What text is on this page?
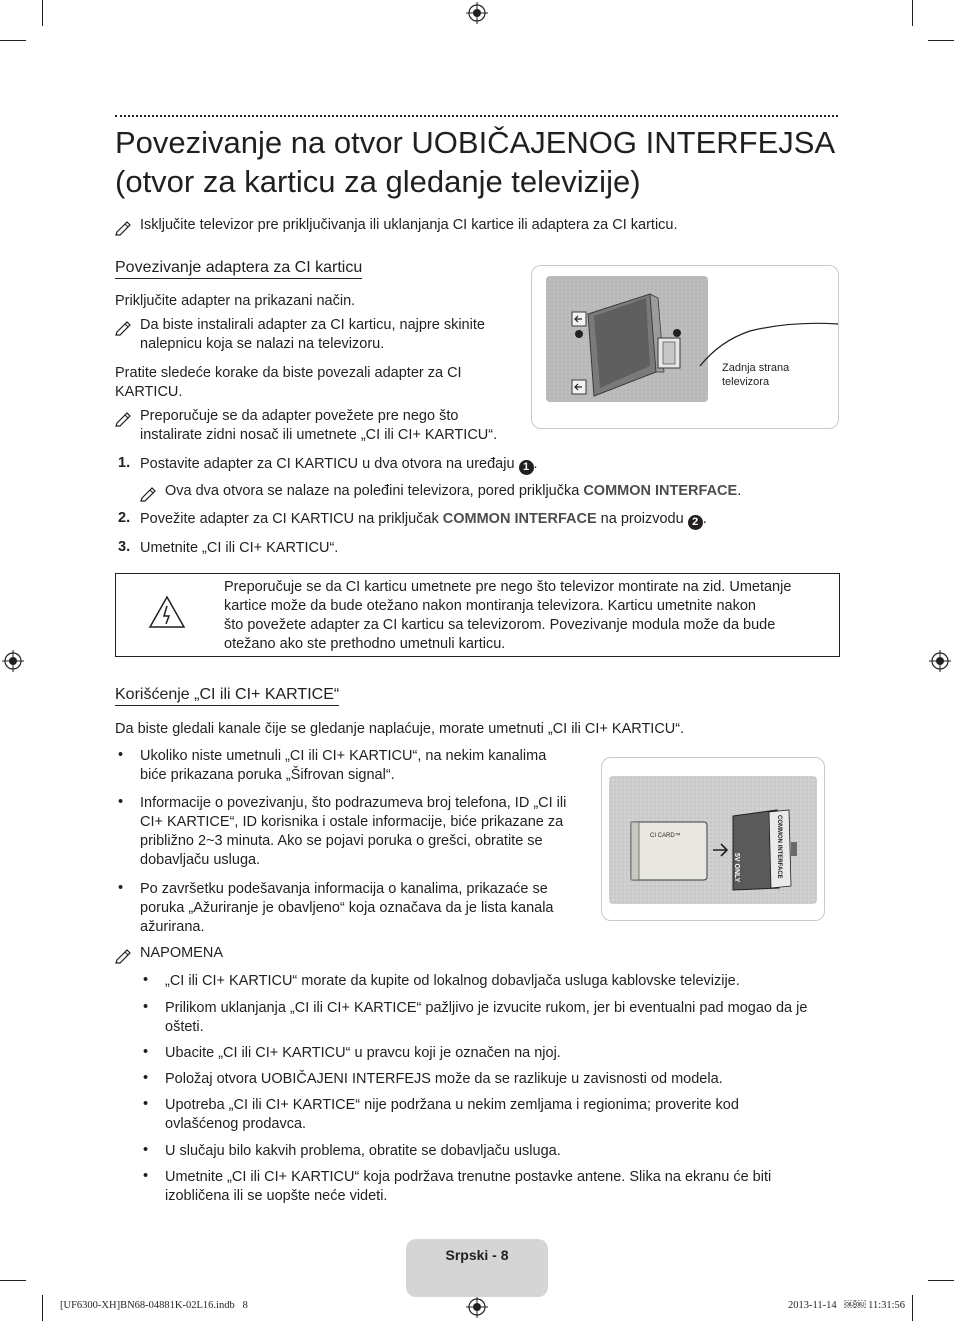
Povezivanje na otvor UOBIČAJENOG INTERFEJSA
(otvor za karticu za gledanje televizije)
Isključite televizor pre priključivanja ili uklanjanja CI kartice ili adaptera za CI karticu.
Povezivanje adaptera za CI karticu
Priključite adapter na prikazani način.
Da biste instalirali adapter za CI karticu, najpre skinite
nalepnicu koja se nalazi na televizoru.
Pratite sledeće korake da biste povezali adapter za CI
KARTICU.
Preporučuje se da adapter povežete pre nego što
instalirate zidni nosač ili umetnete „CI ili CI+ KARTICU“.
Zadnja strana
televizora
1. Postavite adapter za CI KARTICU u dva otvora na uređaju 1 .
Ova dva otvora se nalaze na poleđini televizora, pored priključka COMMON INTERFACE.
2. Povežite adapter za CI KARTICU na priključak COMMON INTERFACE na proizvodu 2 .
3. Umetnite „CI ili CI+ KARTICU“.
Preporučuje se da CI karticu umetnete pre nego što televizor montirate na zid. Umetanje
kartice može da bude otežano nakon montiranja televizora. Karticu umetnite nakon
što povežete adapter za CI karticu sa televizorom. Povezivanje modula može da bude
otežano ako ste prethodno umetnuli karticu.
Korišćenje „CI ili CI+ KARTICE“
Da biste gledali kanale čije se gledanje naplaćuje, morate umetnuti „CI ili CI+ KARTICU“.
• Ukoliko niste umetnuli „CI ili CI+ KARTICU“, na nekim kanalima
biće prikazana poruka „Šifrovan signal“.
• Informacije o povezivanju, što podrazumeva broj telefona, ID „CI ili
CI+ KARTICE“, ID korisnika i ostale informacije, biće prikazane za
približno 2~3 minuta. Ako se pojavi poruka o grešci, obratite se
dobavljaču usluga.
• Po završetku podešavanja informacija o kanalima, prikazaće se
poruka „Ažuriranje je obavljeno“ koja označava da je lista kanala
ažurirana.
CI CARD™
5V ONLY	COMMON INTERFACE
NAPOMENA
• „CI ili CI+ KARTICU“ morate da kupite od lokalnog dobavljača usluga kablovske televizije.
• Prilikom uklanjanja „CI ili CI+ KARTICE“ pažljivo je izvucite rukom, jer bi eventualni pad mogao da je
ošteti.
• Ubacite „CI ili CI+ KARTICU“ u pravcu koji je označen na njoj.
• Položaj otvora UOBIČAJENI INTERFEJS može da se razlikuje u zavisnosti od modela.
• Upotreba „CI ili CI+ KARTICE“ nije podržana u nekim zemljama i regionima; proverite kod
ovlašćenog prodavca.
• U slučaju bilo kakvih problema, obratite se dobavljaču usluga.
• Umetnite „CI ili CI+ KARTICU“ koja podržava trenutne postavke antene. Slika na ekranu će biti
izobličena ili se uopšte neće videti.
Srpski - 8
[UF6300-XH]BN68-04881K-02L16.indb   8	2013-11-14   ￼￼ 11:31:56
